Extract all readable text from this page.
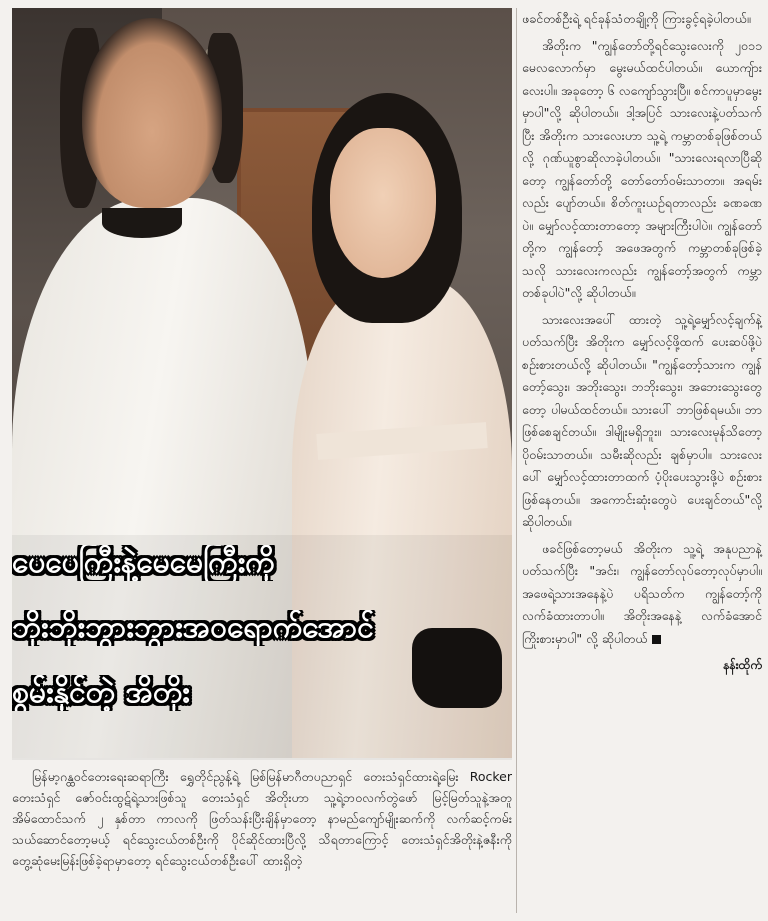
ပေပေကြီးနဲ့မေမေကြီးကို
ဘိုးဘိုးဘွားဘွားအဝရောက်အောင်
စွမ်းနိုင်တဲ့ အိတိုး

ဖခင်တစ်ဦးရဲ့ ရင်ခုန်သံတချို့ကို ကြားခွင့်ရခဲ့ပါတယ်။

အိတိုးက "ကျွန်တော်တို့ရင်သွေးလေးကို ၂၀၁၁ မေလလောက်မှာ မွေးမယ်ထင်ပါတယ်။ ယောကျ်ားလေးပါ။ အခုတော့ ၆ လကျော်သွားပြီ။ စင်ကာပူမှာမွေးမှာပါ"လို့ ဆိုပါတယ်။ ဒါ့အပြင် သားလေးနဲ့ပတ်သက်ပြီး အိတိုးက သားလေးဟာ သူ့ရဲ့ ကမ္ဘာတစ်ခုဖြစ်တယ်လို့ ဂုဏ်ယူစွာဆိုလာခဲ့ပါတယ်။ "သားလေးရလာပြီဆိုတော့ ကျွန်တော်တို့ တော်တော်ဝမ်းသာတာ။ အရမ်းလည်း ပျော်တယ်။ စိတ်ကူးယဉ်ရတာလည်း ခဏခဏပဲ။ မျှော်လင့်ထားတာတော့ အများကြီးပါပဲ။ ကျွန်တော်တို့က ကျွန်တော့် အဖေအတွက် ကမ္ဘာတစ်ခုဖြစ်ခဲ့သလို သားလေးကလည်း ကျွန်တော့်အတွက် ကမ္ဘာတစ်ခုပါပဲ"လို့ ဆိုပါတယ်။

သားလေးအပေါ် ထားတဲ့ သူ့ရဲ့မျှော်လင့်ချက်နဲ့ပတ်သက်ပြီး အိတိုးက မျှော်လင့်ဖို့ထက် ပေးဆပ်ဖို့ပဲ စဉ်းစားတယ်လို့ ဆိုပါတယ်။ "ကျွန်တော့်သားက ကျွန်တော့်သွေး၊ အဘိုးသွေး၊ ဘဘိုးသွေး၊ အဘေးသွေးတွေတော့ ပါမယ်ထင်တယ်။ သားပေါ် ဘာဖြစ်ရမယ်။ ဘာဖြစ်စေချင်တယ်။ ဒါမျိုးမရှိဘူး။ သားလေးမုန်သိတော့ ပိုဝမ်းသာတယ်။ သမီးဆိုလည်း ချစ်မှာပါ။ သားလေးပေါ် မျှော်လင့်ထားတာထက် ပံ့ပိုးပေးသွားဖို့ပဲ စဉ်းစားဖြစ်နေတယ်။ အကောင်းဆုံးတွေပဲ ပေးချင်တယ်"လို့ ဆိုပါတယ်။

ဖခင်ဖြစ်တော့မယ် အိတိုးက သူ့ရဲ့ အနုပညာနဲ့ပတ်သက်ပြီး "အင်း၊ ကျွန်တော်လုပ်တော့လုပ်မှာပါ။ အဖေရဲ့သားအနေနဲ့ပဲ ပရိသတ်က ကျွန်တော့်ကို လက်ခံထားတာပါ။ အိတိုးအနေနဲ့ လက်ခံအောင် ကြိုးစားမှာပါ" လို့ ဆိုပါတယ်

နန်းထိုက်
မြန်မာ့ဂန္ထဝင်တေးရေးဆရာကြီး ရွှေတိုင်ညွန့်ရဲ့ မြစ်မြန်မာဂီတပညာရှင် တေးသံရှင်ထားရဲ့မြေး Rocker တေးသံရှင် ဇော်ဝင်းထွဋ်ရဲ့သားဖြစ်သူ တေးသံရှင် အိတိုးဟာ သူ့ရဲ့ဘဝလက်တွဲဖော် မြင့်မြတ်သူနဲ့အတူ အိမ်ထောင်သက် ၂ နှစ်တာ ကာလကို ဖြတ်သန်းပြီးချိန်မှာတော့ နာမည်ကျော်မျိုးဆက်ကို လက်ဆင့်ကမ်း သယ်ဆောင်တော့မယ့် ရင်သွေးငယ်တစ်ဦးကို ပိုင်ဆိုင်ထားပြီလို့ သိရတာကြောင့် တေးသံရှင်အိတိုးနဲ့ဇနီးကို တွေ့ဆုံမေးမြန်းဖြစ်ခဲ့ရာမှာတော့ ရင်သွေးငယ်တစ်ဦးပေါ် ထားရှိတဲ့
